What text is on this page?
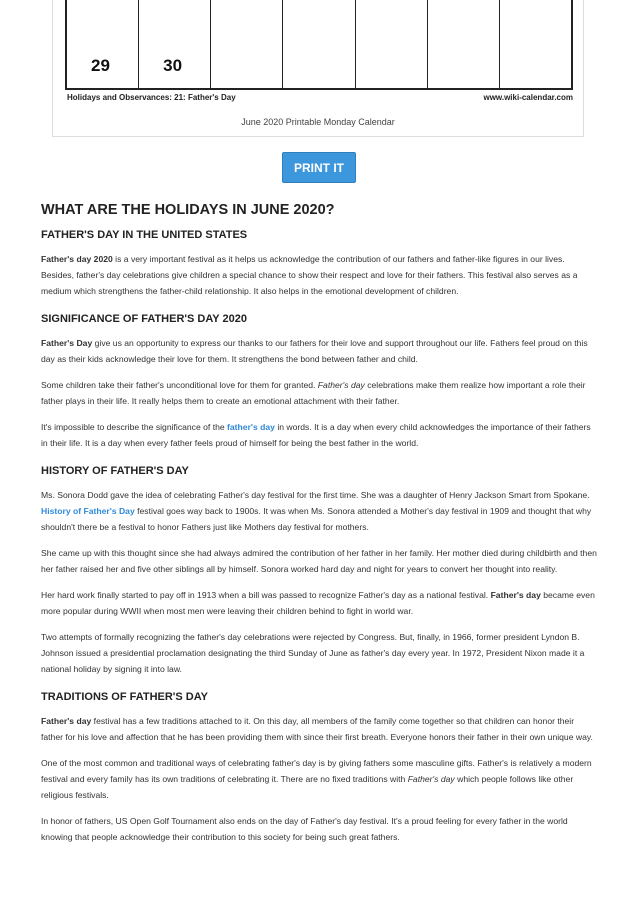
29	30
Holidays and Observances: 21: Father's Day	www.wiki-calendar.com
June 2020 Printable Monday Calendar
PRINT IT
WHAT ARE THE HOLIDAYS IN JUNE 2020?
FATHER'S DAY IN THE UNITED STATES

Father's day 2020 is a very important festival as it helps us acknowledge the contribution of our fathers and father-like figures in our lives. Besides, father's day celebrations give children a special chance to show their respect and love for their fathers. This festival also serves as a medium which strengthens the father-child relationship. It also helps in the emotional development of children.

SIGNIFICANCE OF FATHER'S DAY 2020

Father's Day give us an opportunity to express our thanks to our fathers for their love and support throughout our life. Fathers feel proud on this day as their kids acknowledge their love for them. It strengthens the bond between father and child.

Some children take their father's unconditional love for them for granted. Father's day celebrations make them realize how important a role their father plays in their life. It really helps them to create an emotional attachment with their father.

It's impossible to describe the significance of the father's day in words. It is a day when every child acknowledges the importance of their fathers in their life. It is a day when every father feels proud of himself for being the best father in the world.

HISTORY OF FATHER'S DAY

Ms. Sonora Dodd gave the idea of celebrating Father's day festival for the first time. She was a daughter of Henry Jackson Smart from Spokane. History of Father's Day festival goes way back to 1900s. It was when Ms. Sonora attended a Mother's day festival in 1909 and thought that why shouldn't there be a festival to honor Fathers just like Mothers day festival for mothers.

She came up with this thought since she had always admired the contribution of her father in her family. Her mother died during childbirth and then her father raised her and five other siblings all by himself. Sonora worked hard day and night for years to convert her thought into reality.

Her hard work finally started to pay off in 1913 when a bill was passed to recognize Father's day as a national festival. Father's day became even more popular during WWII when most men were leaving their children behind to fight in world war.

Two attempts of formally recognizing the father's day celebrations were rejected by Congress. But, finally, in 1966, former president Lyndon B. Johnson issued a presidential proclamation designating the third Sunday of June as father's day every year. In 1972, President Nixon made it a national holiday by signing it into law.

TRADITIONS OF FATHER'S DAY

Father's day festival has a few traditions attached to it. On this day, all members of the family come together so that children can honor their father for his love and affection that he has been providing them with since their first breath. Everyone honors their father in their own unique way.

One of the most common and traditional ways of celebrating father's day is by giving fathers some masculine gifts. Father's is relatively a modern festival and every family has its own traditions of celebrating it. There are no fixed traditions with Father's day which people follows like other religious festivals.

In honor of fathers, US Open Golf Tournament also ends on the day of Father's day festival. It's a proud feeling for every father in the world knowing that people acknowledge their contribution to this society for being such great fathers.
